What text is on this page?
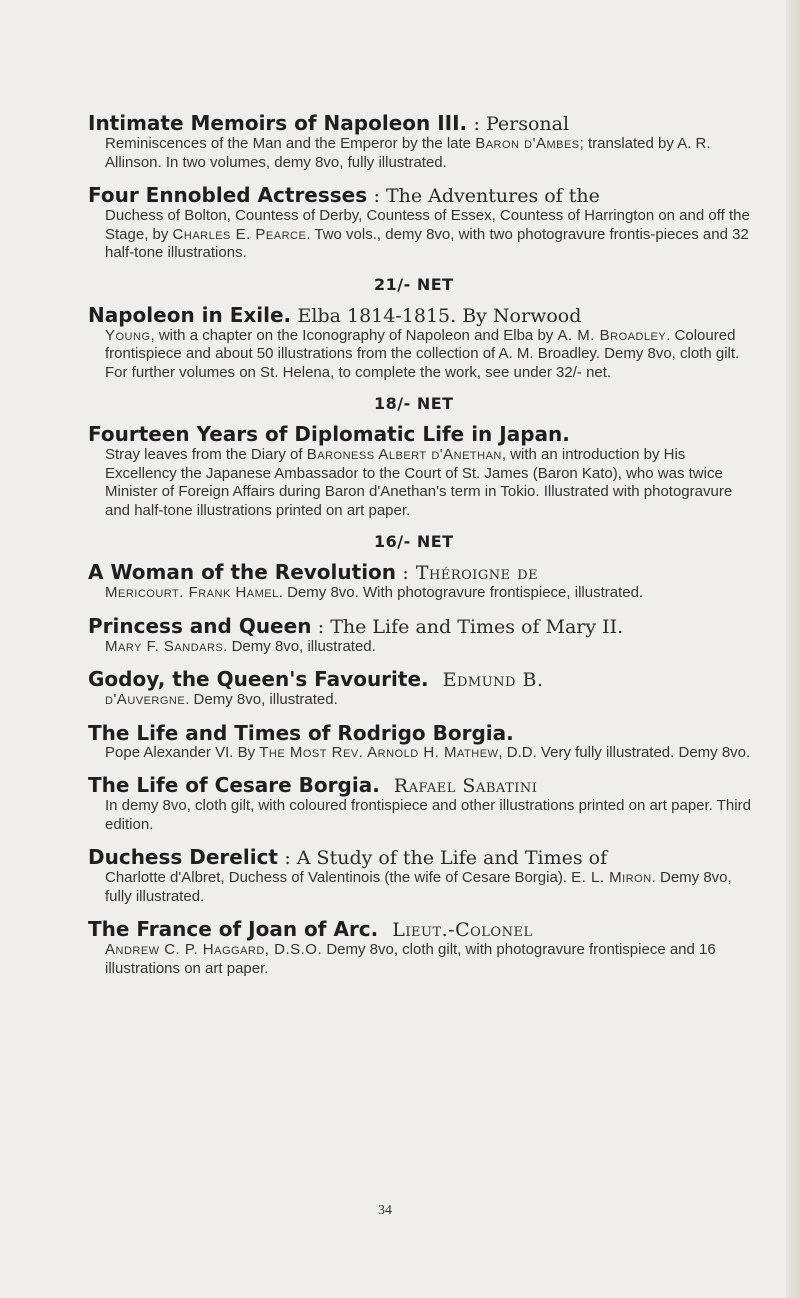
Intimate Memoirs of Napoleon III. : Personal
Reminiscences of the Man and the Emperor by the late Baron d'Ambes; translated by A. R. Allinson. In two volumes, demy 8vo, fully illustrated.
Four Ennobled Actresses : The Adventures of the
Duchess of Bolton, Countess of Derby, Countess of Essex, Countess of Harrington on and off the Stage, by Charles E. Pearce. Two vols., demy 8vo, with two photogravure frontis-pieces and 32 half-tone illustrations.
21/- NET
Napoleon in Exile. Elba 1814-1815. By Norwood
Young, with a chapter on the Iconography of Napoleon and Elba by A. M. Broadley. Coloured frontispiece and about 50 illustrations from the collection of A. M. Broadley. Demy 8vo, cloth gilt. For further volumes on St. Helena, to complete the work, see under 32/- net.
18/- NET
Fourteen Years of Diplomatic Life in Japan.
Stray leaves from the Diary of Baroness Albert d'Anethan, with an introduction by His Excellency the Japanese Ambassador to the Court of St. James (Baron Kato), who was twice Minister of Foreign Affairs during Baron d'Anethan's term in Tokio. Illustrated with photogravure and half-tone illustrations printed on art paper.
16/- NET
A Woman of the Revolution : Théroigne de
Mericourt. Frank Hamel. Demy 8vo. With photogravure frontispiece, illustrated.
Princess and Queen : The Life and Times of Mary II.
Mary F. Sandars. Demy 8vo, illustrated.
Godoy, the Queen's Favourite. Edmund B.
d'Auvergne. Demy 8vo, illustrated.
The Life and Times of Rodrigo Borgia.
Pope Alexander VI. By The Most Rev. Arnold H. Mathew, D.D. Very fully illustrated. Demy 8vo.
The Life of Cesare Borgia. Rafael Sabatini
In demy 8vo, cloth gilt, with coloured frontispiece and other illustrations printed on art paper. Third edition.
Duchess Derelict : A Study of the Life and Times of
Charlotte d'Albret, Duchess of Valentinois (the wife of Cesare Borgia). E. L. Miron. Demy 8vo, fully illustrated.
The France of Joan of Arc. Lieut.-Colonel
Andrew C. P. Haggard, D.S.O. Demy 8vo, cloth gilt, with photogravure frontispiece and 16 illustrations on art paper.
34
